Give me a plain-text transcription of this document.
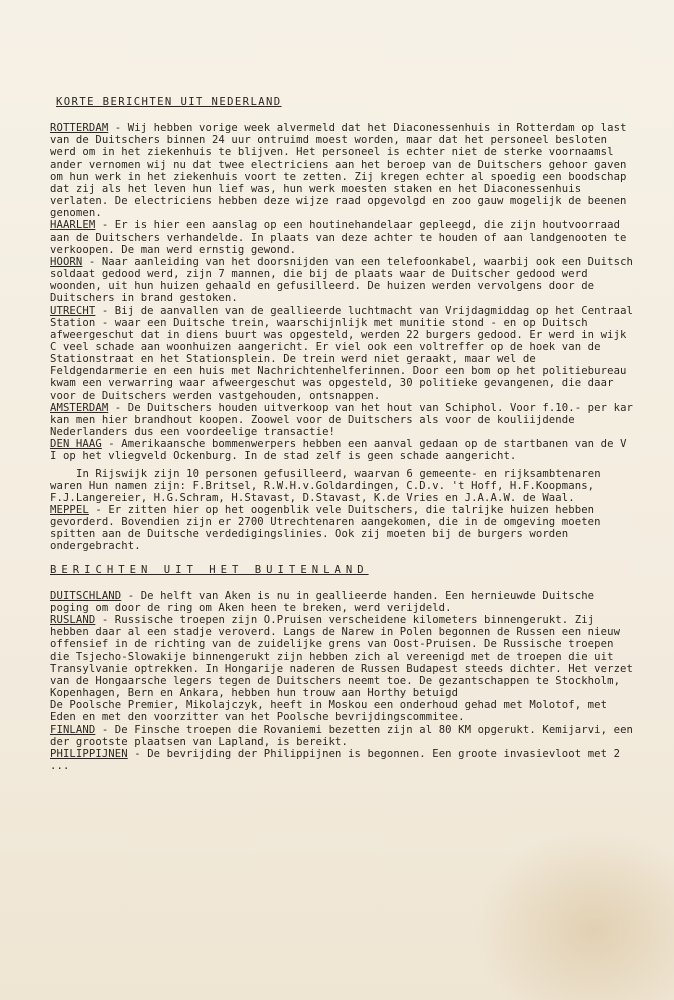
KORTE BERICHTEN UIT NEDERLAND

ROTTERDAM - Wij hebben vorige week alvermeld dat het Diaconessenhuis in Rotterdam op last van de Duitschers binnen 24 uur ontruimd moest worden, maar dat het personeel besloten werd om in het ziekenhuis te blijven. Het personeel is echter niet de sterke voornaamsl ander vernomen wij nu dat twee electriciens aan het beroep van de Duitschers gehoor gaven om hun werk in het ziekenhuis voort te zetten. Zij kregen echter al spoedig een boodschap dat zij als het leven hun lief was, hun werk moesten staken en het Diaconessenhuis verlaten. De electriciens hebben deze wijze raad opgevolgd en zoo gauw mogelijk de beenen genomen.

HAARLEM - Er is hier een aanslag op een houtinehandelaar gepleegd, die zijn houtvoorraad aan de Duitschers verhandelde. In plaats van deze achter te houden of aan landgenooten te verkoopen. De man werd ernstig gewond.

HOORN - Naar aanleiding van het doorsnijden van een telefoonkabel, waarbij ook een Duitsch soldaat gedood werd, zijn 7 mannen, die bij de plaats waar de Duitscher gedood werd woonden, uit hun huizen gehaald en gefusilleerd. De huizen werden vervolgens door de Duitschers in brand gestoken.

UTRECHT - Bij de aanvallen van de geallieerde luchtmacht van Vrijdagmiddag op het Centraal Station - waar een Duitsche trein, waarschijnlijk met munitie stond - en op Duitsch afweergeschut dat in diens buurt was opgesteld, werden 22 burgers gedood. Er werd in wijk C veel schade aan woonhuizen aangericht. Er viel ook een voltreffer op de hoek van de Stationstraat en het Stationsplein. De trein werd niet geraakt, maar wel de Feldgendarmerie en een huis met Nachrichtenhelferinnen. Door een bom op het politiebureau kwam een verwarring waar afweergeschut was opgesteld, 30 politieke gevangenen, die daar voor de Duitschers werden vastgehouden, ontsnappen.

AMSTERDAM - De Duitschers houden uitverkoop van het hout van Schiphol. Voor f.10.- per kar kan men hier brandhout koopen. Zoowel voor de Duitschers als voor de kouliijdende Nederlanders dus een voordeelige transactie!

DEN HAAG - Amerikaansche bommenwerpers hebben een aanval gedaan op de startbanen van de V I op het vliegveld Ockenburg. In de stad zelf is geen schade aangericht.

In Rijswijk zijn 10 personen gefusilleerd, waarvan 6 gemeente- en rijksambtenaren waren Hun namen zijn: F.Britsel, R.W.H.v.Goldardingen, C.D.v. 't Hoff, H.F.Koopmans, F.J.Langereier, H.G.Schram, H.Stavast, D.Stavast, K.de Vries en J.A.A.W. de Waal.

MEPPEL - Er zitten hier op het oogenblik vele Duitschers, die talrijke huizen hebben gevorderd. Bovendien zijn er 2700 Utrechtenaren aangekomen, die in de omgeving moeten spitten aan de Duitsche verdedigingslinies. Ook zij moeten bij de burgers worden ondergebracht.

BERICHTEN UIT HET BUITENLAND

DUITSCHLAND - De helft van Aken is nu in geallieerde handen. Een hernieuwde Duitsche poging om door de ring om Aken heen te breken, werd verijdeld.

RUSLAND - Russische troepen zijn O.Pruisen verscheidene kilometers binnengerukt. Zij hebben daar al een stadje veroverd. Langs de Narew in Polen begonnen de Russen een nieuw offensief in de richting van de zuidelijke grens van Oost-Pruisen. De Russische troepen die Tsjecho-Slowakije binnengerukt zijn hebben zich al vereenigd met de troepen die uit Transylvanie optrekken. In Hongarije naderen de Russen Budapest steeds dichter. Het verzet van de Hongaarsche legers tegen de Duitschers neemt toe. De gezantschappen te Stockholm, Kopenhagen, Bern en Ankara, hebben hun trouw aan Horthy betuigd

De Poolsche Premier, Mikolajczyk, heeft in Moskou een onderhoud gehad met Molotof, met Eden en met den voorzitter van het Poolsche bevrijdingscommitee.

FINLAND - De Finsche troepen die Rovaniemi bezetten zijn al 80 KM opgerukt. Kemijarvi, een der grootste plaatsen van Lapland, is bereikt.

PHILIPPIJNEN - De bevrijding der Philippijnen is begonnen. Een groote invasievloot met 2 ...
